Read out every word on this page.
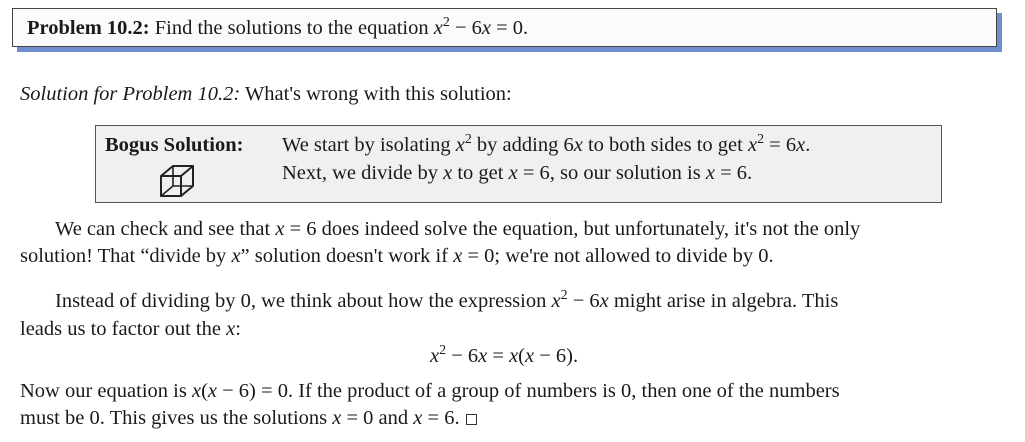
Problem 10.2: Find the solutions to the equation $x^2 - 6x = 0$.
Solution for Problem 10.2: What's wrong with this solution:
Bogus Solution: We start by isolating $x^2$ by adding 6x to both sides to get $x^2 = 6x$.
Next, we divide by x to get x = 6, so our solution is x = 6.
We can check and see that x = 6 does indeed solve the equation, but unfortunately, it's not the only
solution! That “divide by x” solution doesn't work if x = 0; we're not allowed to divide by 0.
Instead of dividing by 0, we think about how the expression $x^2 - 6x$ might arise in algebra. This
leads us to factor out the x:
$x^2 - 6x = x(x - 6)$.
Now our equation is x(x − 6) = 0. If the product of a group of numbers is 0, then one of the numbers
must be 0. This gives us the solutions x = 0 and x = 6.
